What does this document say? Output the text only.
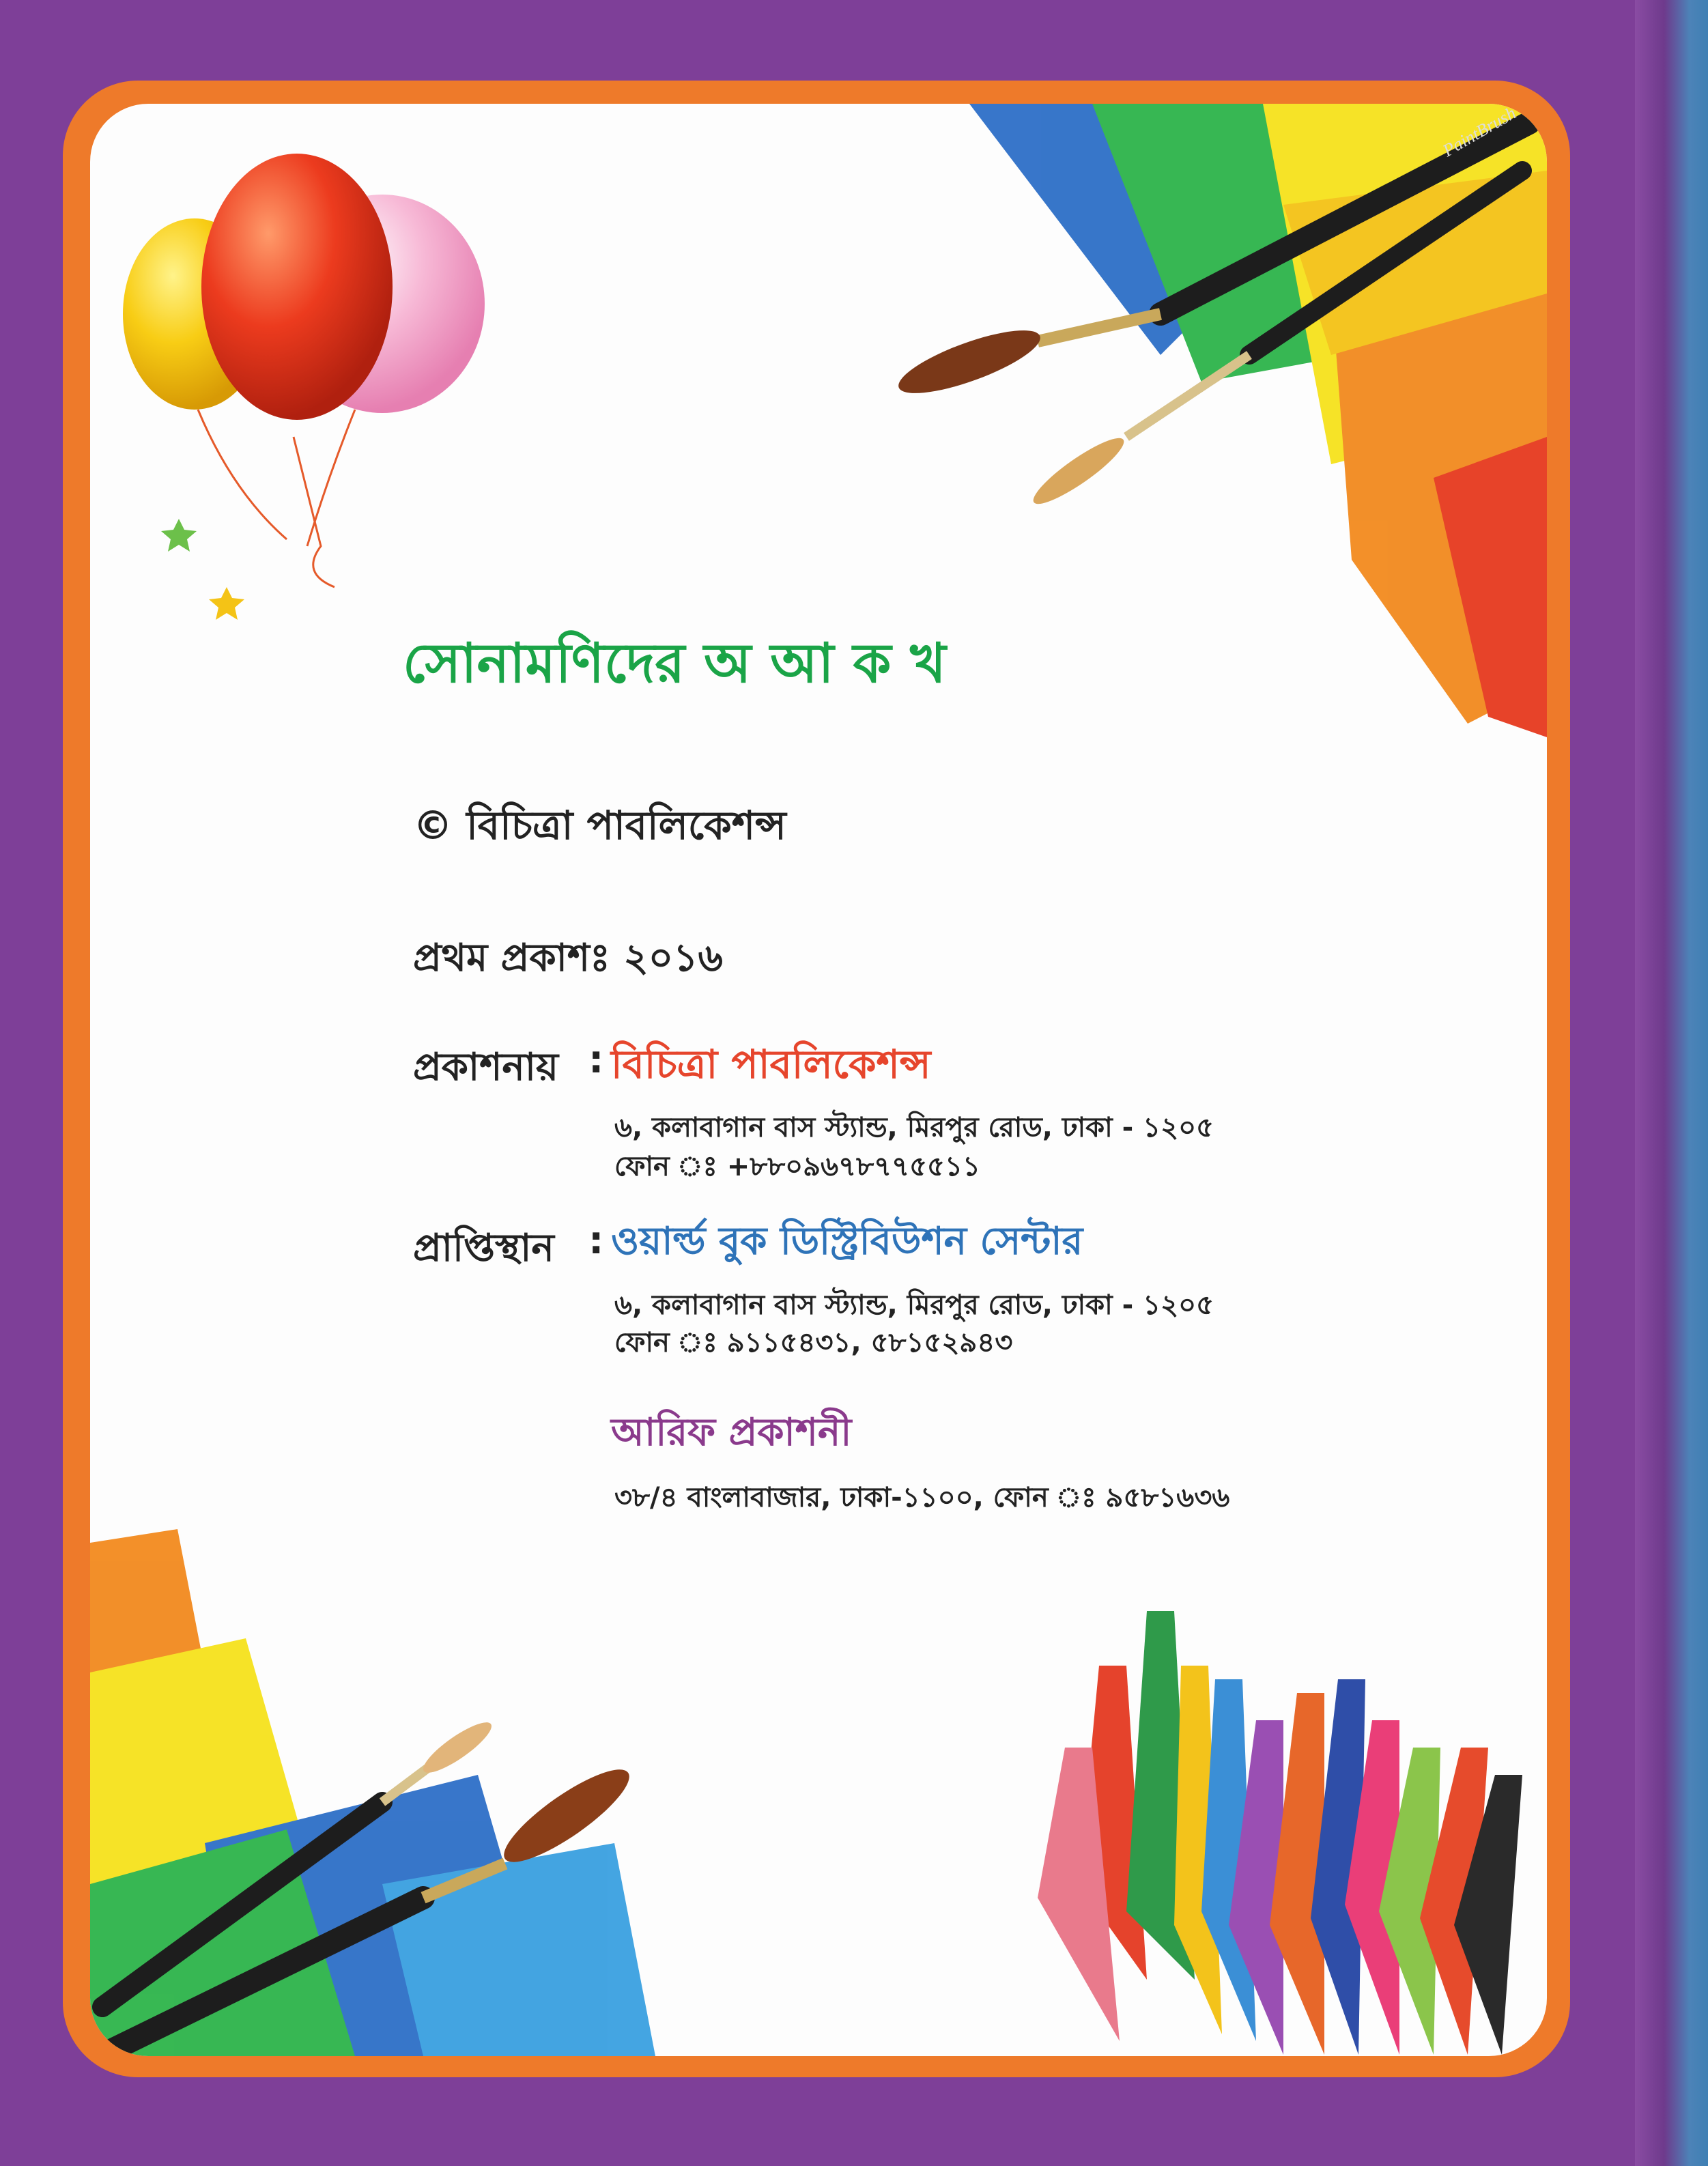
PaintBrush
সোনামণিদের অ আ ক খ
© বিচিত্রা পাবলিকেশন্স
প্রথম প্রকাশঃ ২০১৬
প্রকাশনায় : বিচিত্রা পাবলিকেশন্স
৬, কলাবাগান বাস স্ট্যান্ড, মিরপুর রোড, ঢাকা - ১২০৫
ফোন ঃ +৮৮০৯৬৭৮৭৭৫৫১১
প্রাপ্তিস্থান : ওয়ার্ল্ড বুক ডিস্ট্রিবিউশন সেন্টার
৬, কলাবাগান বাস স্ট্যান্ড, মিরপুর রোড, ঢাকা - ১২০৫
ফোন ঃ ৯১১৫৪৩১, ৫৮১৫২৯৪৩
আরিফ প্রকাশনী
৩৮/৪ বাংলাবাজার, ঢাকা-১১০০, ফোন ঃ ৯৫৮১৬৩৬
